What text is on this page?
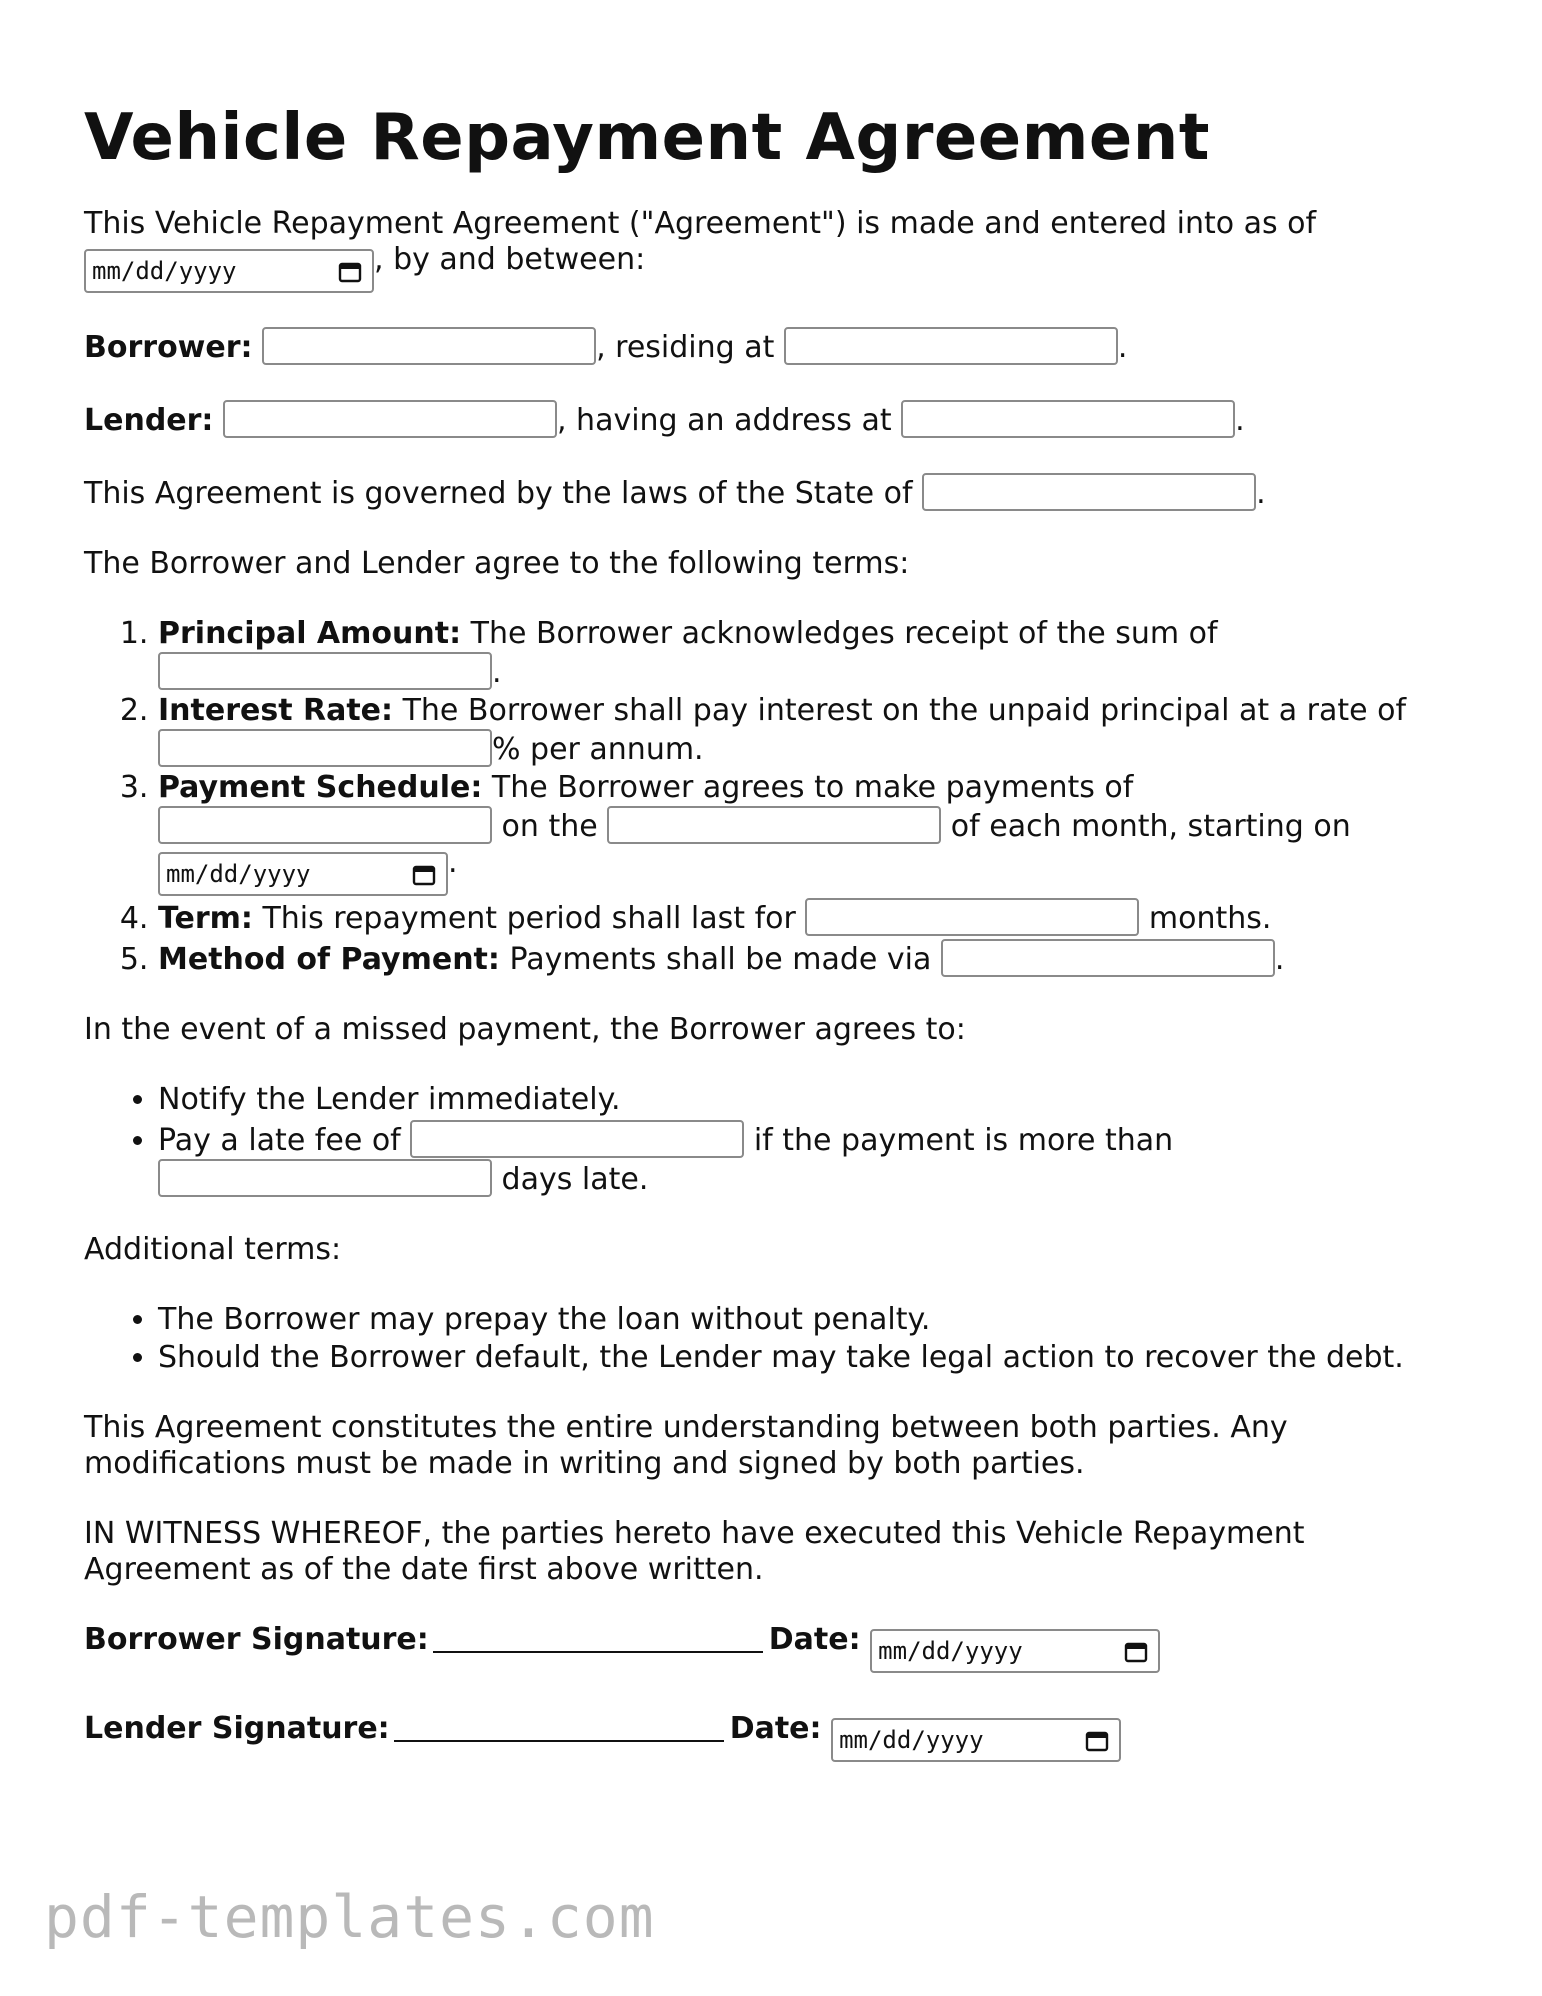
Vehicle Repayment Agreement

This Vehicle Repayment Agreement ("Agreement") is made and entered into as of
mm/dd/yyyy	, by and between:

Borrower:	, residing at	.

Lender:	, having an address at	.

This Agreement is governed by the laws of the State of	.

The Borrower and Lender agree to the following terms:

1. Principal Amount: The Borrower acknowledges receipt of the sum of
.
2. Interest Rate: The Borrower shall pay interest on the unpaid principal at a rate of
% per annum.
3. Payment Schedule: The Borrower agrees to make payments of
on the	of each month, starting on
mm/dd/yyyy	.
4. Term: This repayment period shall last for	months.
5. Method of Payment: Payments shall be made via	.

In the event of a missed payment, the Borrower agrees to:

• Notify the Lender immediately.
• Pay a late fee of	if the payment is more than
days late.

Additional terms:

• The Borrower may prepay the loan without penalty.
• Should the Borrower default, the Lender may take legal action to recover the debt.

This Agreement constitutes the entire understanding between both parties. Any modifications must be made in writing and signed by both parties.

IN WITNESS WHEREOF, the parties hereto have executed this Vehicle Repayment Agreement as of the date first above written.

Borrower Signature:	Date: mm/dd/yyyy
Lender Signature:	Date: mm/dd/yyyy
pdf-templates.com
